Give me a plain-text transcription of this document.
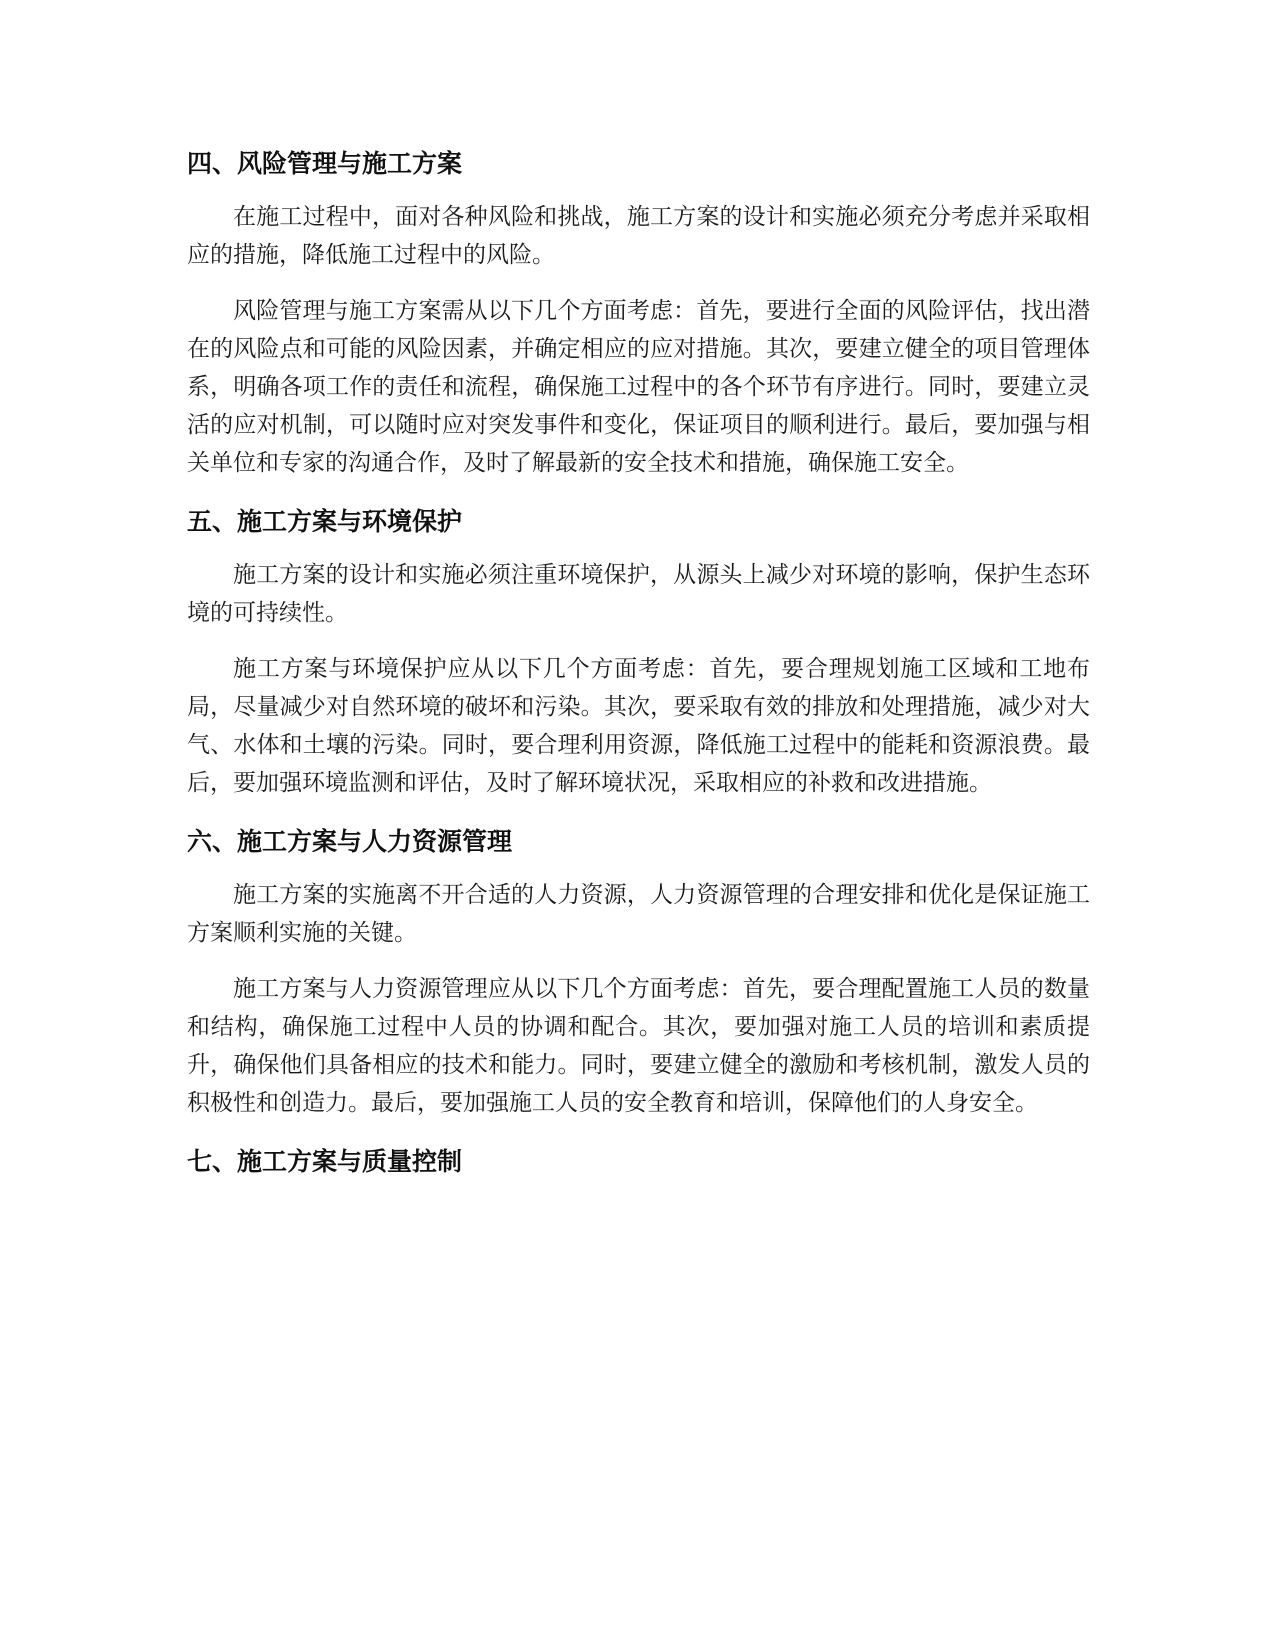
四、风险管理与施工方案

在施工过程中，面对各种风险和挑战，施工方案的设计和实施必须充分考虑并采取相应的措施，降低施工过程中的风险。

风险管理与施工方案需从以下几个方面考虑：首先，要进行全面的风险评估，找出潜在的风险点和可能的风险因素，并确定相应的应对措施。其次，要建立健全的项目管理体系，明确各项工作的责任和流程，确保施工过程中的各个环节有序进行。同时，要建立灵活的应对机制，可以随时应对突发事件和变化，保证项目的顺利进行。最后，要加强与相关单位和专家的沟通合作，及时了解最新的安全技术和措施，确保施工安全。

五、施工方案与环境保护

施工方案的设计和实施必须注重环境保护，从源头上减少对环境的影响，保护生态环境的可持续性。

施工方案与环境保护应从以下几个方面考虑：首先，要合理规划施工区域和工地布局，尽量减少对自然环境的破坏和污染。其次，要采取有效的排放和处理措施，减少对大气、水体和土壤的污染。同时，要合理利用资源，降低施工过程中的能耗和资源浪费。最后，要加强环境监测和评估，及时了解环境状况，采取相应的补救和改进措施。

六、施工方案与人力资源管理

施工方案的实施离不开合适的人力资源，人力资源管理的合理安排和优化是保证施工方案顺利实施的关键。

施工方案与人力资源管理应从以下几个方面考虑：首先，要合理配置施工人员的数量和结构，确保施工过程中人员的协调和配合。其次，要加强对施工人员的培训和素质提升，确保他们具备相应的技术和能力。同时，要建立健全的激励和考核机制，激发人员的积极性和创造力。最后，要加强施工人员的安全教育和培训，保障他们的人身安全。

七、施工方案与质量控制
